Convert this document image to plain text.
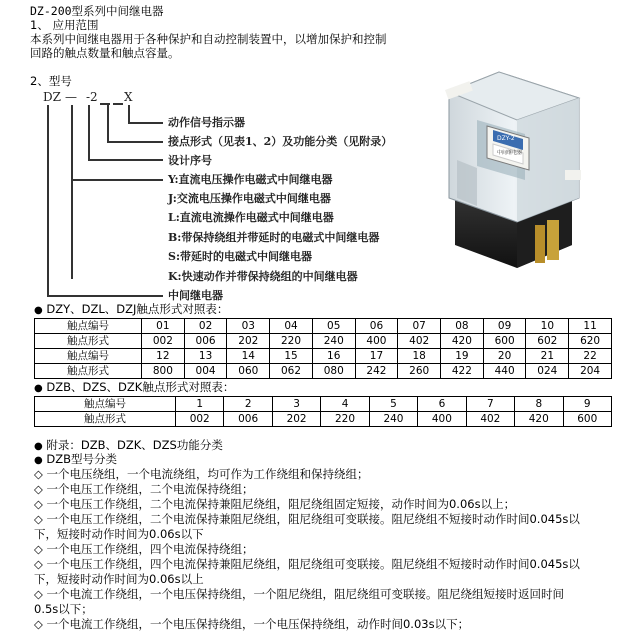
DZ-200型系列中间继电器
1、 应用范围
本系列中间继电器用于各种保护和自动控制装置中，以增加保护和控制
回路的触点数量和触点容量。
2、型号
DZ — -2 X
动作信号指示器
接点形式（见表1、2）及功能分类（见附录）
设计序号
Y:直流电压操作电磁式中间继电器
J:交流电压操作电磁式中间继电器
L:直流电流操作电磁式中间继电器
B:带保持绕组并带延时的电磁式中间继电器
S:带延时的电磁式中间继电器
K:快速动作并带保持绕组的中间继电器
中间继电器
DZY-2
中间继电器
● DZY、DZL、DZJ触点形式对照表：
触点编号	01	02	03	04	05	06	07	08	09	10	11
触点形式	002	006	202	220	240	400	402	420	600	602	620
触点编号	12	13	14	15	16	17	18	19	20	21	22
触点形式	800	004	060	062	080	242	260	422	440	024	204
● DZB、DZS、DZK触点形式对照表：
触点编号	1	2	3	4	5	6	7	8	9
触点形式	002	006	202	220	240	400	402	420	600
● 附录：DZB、DZK、DZS功能分类
● DZB型号分类
◇ 一个电压绕组，一个电流绕组，均可作为工作绕组和保持绕组；
◇ 一个电压工作绕组，二个电流保持绕组；
◇ 一个电压工作绕组，二个电流保持兼阻尼绕组，阻尼绕组固定短接，动作时间为0.06s以上；
◇ 一个电压工作绕组，二个电流保持兼阻尼绕组，阻尼绕组可变联接。阻尼绕组不短接时动作时间0.045s以
下，短接时动作时间为0.06s以下
◇ 一个电压工作绕组，四个电流保持绕组；
◇ 一个电压工作绕组，四个电流保持兼阻尼绕组，阻尼绕组可变联接。阻尼绕组不短接时动作时间0.045s以
下，短接时动作时间为0.06s以上
◇ 一个电流工作绕组，一个电压保持绕组，一个阻尼绕组，阻尼绕组可变联接。阻尼绕组短接时返回时间
0.5s以下；
◇ 一个电流工作绕组，一个电压保持绕组，一个电压保持绕组，动作时间0.03s以下；
